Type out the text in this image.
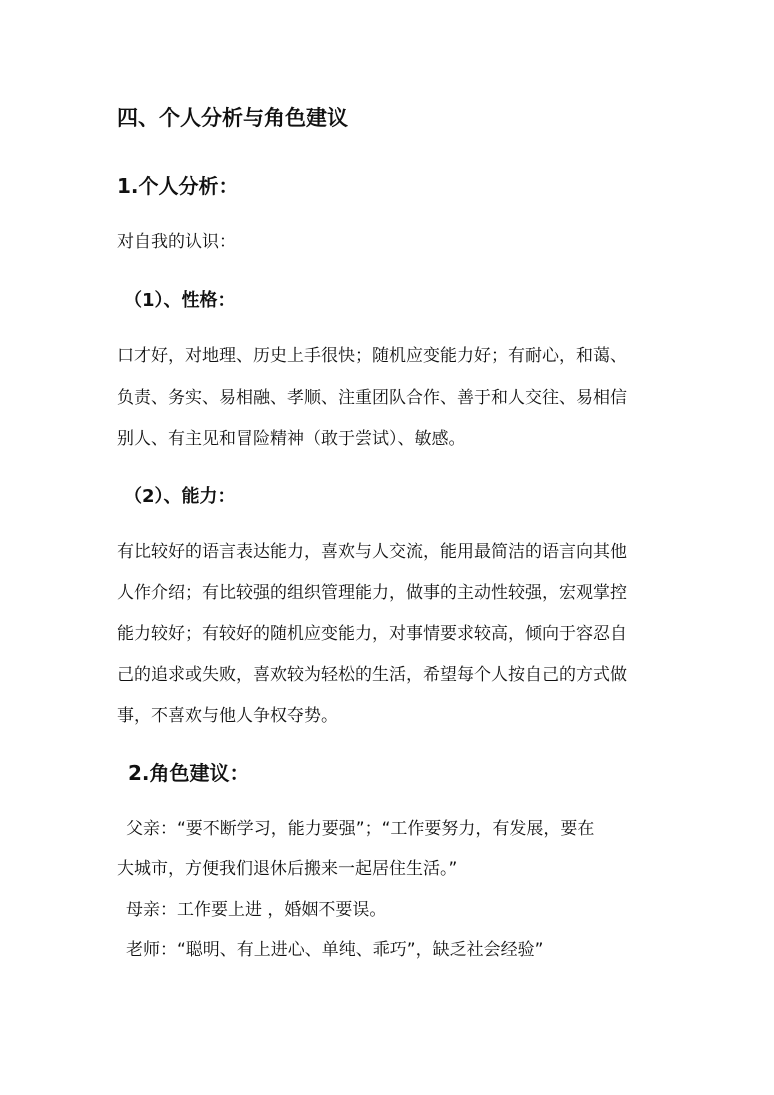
四、个人分析与角色建议
1.个人分析：
对自我的认识：
（1）、性格：
口才好，对地理、历史上手很快；随机应变能力好；有耐心，和蔼、
负责、务实、易相融、孝顺、注重团队合作、善于和人交往、易相信
别人、有主见和冒险精神（敢于尝试）、敏感。
（2）、能力：
有比较好的语言表达能力，喜欢与人交流，能用最简洁的语言向其他
人作介绍；有比较强的组织管理能力，做事的主动性较强，宏观掌控
能力较好；有较好的随机应变能力，对事情要求较高，倾向于容忍自
己的追求或失败，喜欢较为轻松的生活，希望每个人按自己的方式做
事，不喜欢与他人争权夺势。
2.角色建议：
父亲：“要不断学习，能力要强”；“工作要努力，有发展，要在
大城市，方便我们退休后搬来一起居住生活。”
母亲：工作要上进 ，婚姻不要误。
老师：“聪明、有上进心、单纯、乖巧”，缺乏社会经验”
